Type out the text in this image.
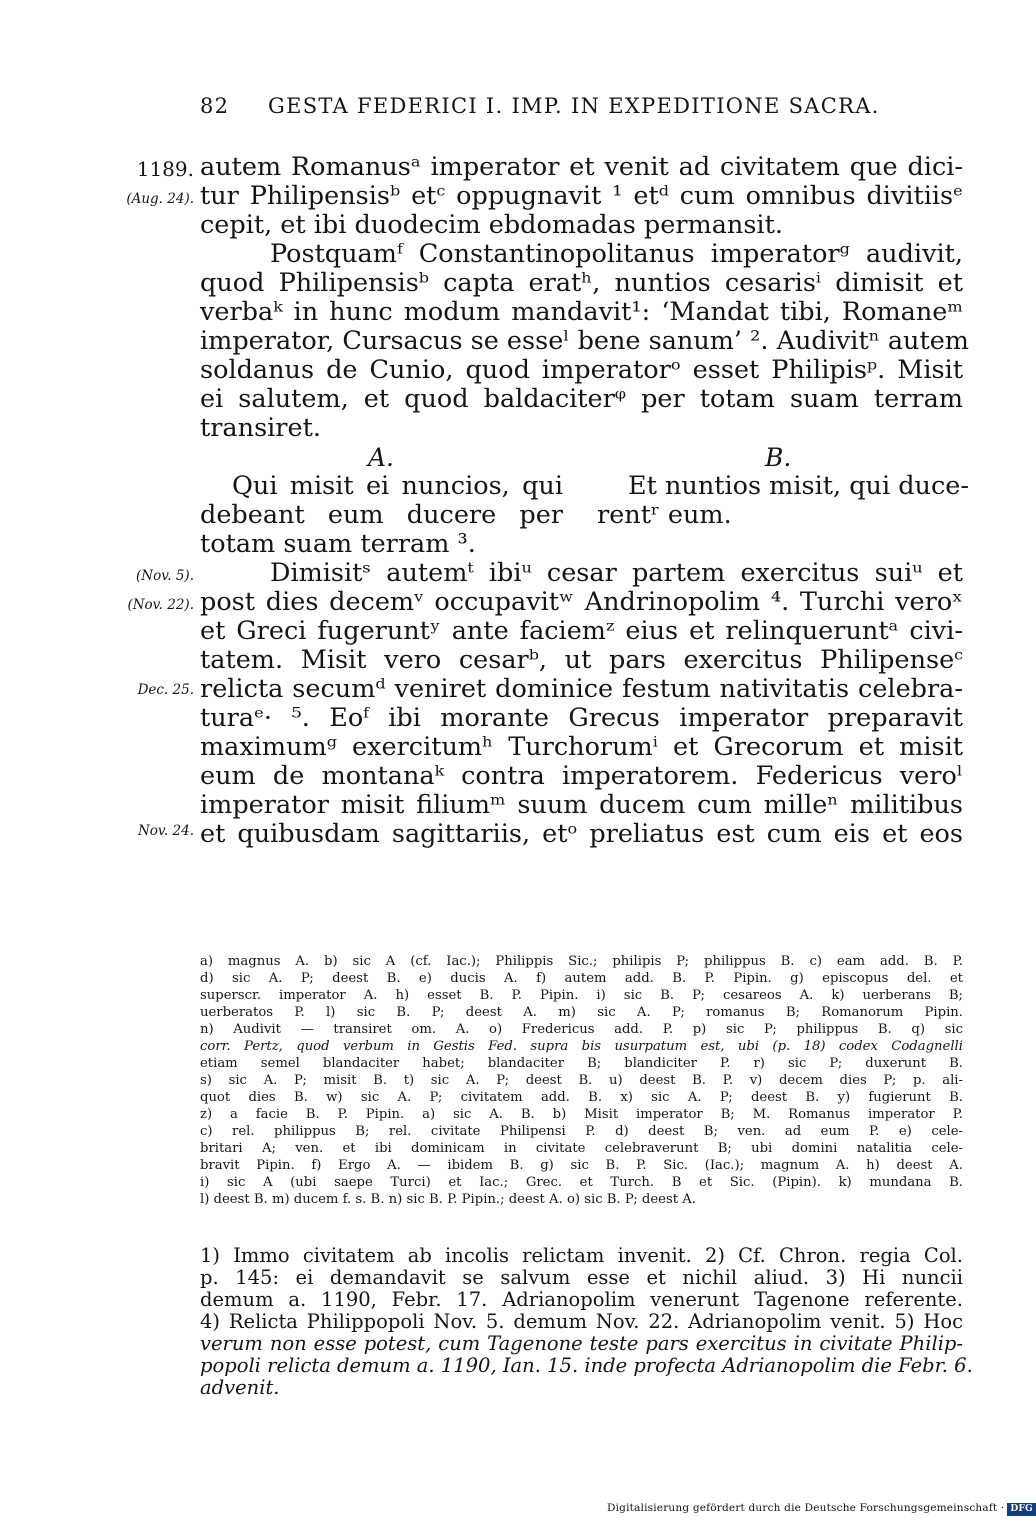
82 GESTA FEDERICI I. IMP. IN EXPEDITIONE SACRA.
1189.
(Aug. 24).
(Nov. 5).
(Nov. 22).
Dec. 25.
Nov. 24.
autem Romanusᵃ imperator et venit ad civitatem que dici-
tur Philipensisᵇ etᶜ oppugnavit ¹ etᵈ cum omnibus divitiisᵉ
cepit, et ibi duodecim ebdomadas permansit.
Postquamᶠ Constantinopolitanus imperatorᵍ audivit,
quod Philipensisᵇ capta eratʰ, nuntios cesarisⁱ dimisit et
verbaᵏ in hunc modum mandavit¹: ‘Mandat tibi, Romaneᵐ
imperator, Cursacus se esseˡ bene sanum’ ². Audivitⁿ autem
soldanus de Cunio, quod imperatorᵒ esset Philipisᵖ. Misit
ei salutem, et quod baldaciterᵠ per totam suam terram
transiret.
A.	B.
Qui misit ei nuncios, qui
debeant eum ducere per
totam suam terram ³.
Et nuntios misit, qui duce-
rentʳ eum.
Dimisitˢ autemᵗ ibiᵘ cesar partem exercitus suiᵘ et
post dies decemᵛ occupavitʷ Andrinopolim ⁴. Turchi veroˣ
et Greci fugeruntʸ ante faciemᶻ eius et relinqueruntᵃ civi-
tatem. Misit vero cesarᵇ, ut pars exercitus Philipenseᶜ
relicta secumᵈ veniret dominice festum nativitatis celebra-
turaᵉ· ⁵. Eoᶠ ibi morante Grecus imperator preparavit
maximumᵍ exercitumʰ Turchorumⁱ et Grecorum et misit
eum de montanaᵏ contra imperatorem. Federicus veroˡ
imperator misit filiumᵐ suum ducem cum milleⁿ militibus
et quibusdam sagittariis, etᵒ preliatus est cum eis et eos
a) magnus A. b) sic A (cf. Iac.); Philippis Sic.; philipis P; philippus B. c) eam add. B. P.
d) sic A. P; deest B. e) ducis A. f) autem add. B. P. Pipin. g) episcopus del. et
superscr. imperator A. h) esset B. P. Pipin. i) sic B. P; cesareos A. k) uerberans B;
uerberatos P. l) sic B. P; deest A. m) sic A. P; romanus B; Romanorum Pipin.
n) Audivit — transiret om. A. o) Fredericus add. P. p) sic P; philippus B. q) sic
corr. Pertz, quod verbum in Gestis Fed. supra bis usurpatum est, ubi (p. 18) codex Codagnelli
etiam semel blandaciter habet; blandaciter B; blandiciter P. r) sic P; duxerunt B.
s) sic A. P; misit B. t) sic A. P; deest B. u) deest B. P. v) decem dies P; p. ali-
quot dies B. w) sic A. P; civitatem add. B. x) sic A. P; deest B. y) fugierunt B.
z) a facie B. P. Pipin. a) sic A. B. b) Misit imperator B; M. Romanus imperator P.
c) rel. philippus B; rel. civitate Philipensi P. d) deest B; ven. ad eum P. e) cele-
britari A; ven. et ibi dominicam in civitate celebraverunt B; ubi domini natalitia cele-
bravit Pipin. f) Ergo A. — ibidem B. g) sic B. P. Sic. (Iac.); magnum A. h) deest A.
i) sic A (ubi saepe Turci) et Iac.; Grec. et Turch. B et Sic. (Pipin). k) mundana B.
l) deest B. m) ducem f. s. B. n) sic B. P. Pipin.; deest A. o) sic B. P; deest A.
1) Immo civitatem ab incolis relictam invenit. 2) Cf. Chron. regia Col.
p. 145: ei demandavit se salvum esse et nichil aliud. 3) Hi nuncii
demum a. 1190, Febr. 17. Adrianopolim venerunt Tagenone referente.
4) Relicta Philippopoli Nov. 5. demum Nov. 22. Adrianopolim venit. 5) Hoc
verum non esse potest, cum Tagenone teste pars exercitus in civitate Philip-
popoli relicta demum a. 1190, Ian. 15. inde profecta Adrianopolim die Febr. 6.
advenit.
Digitalisierung gefördert durch die Deutsche Forschungsgemeinschaft · DFG
